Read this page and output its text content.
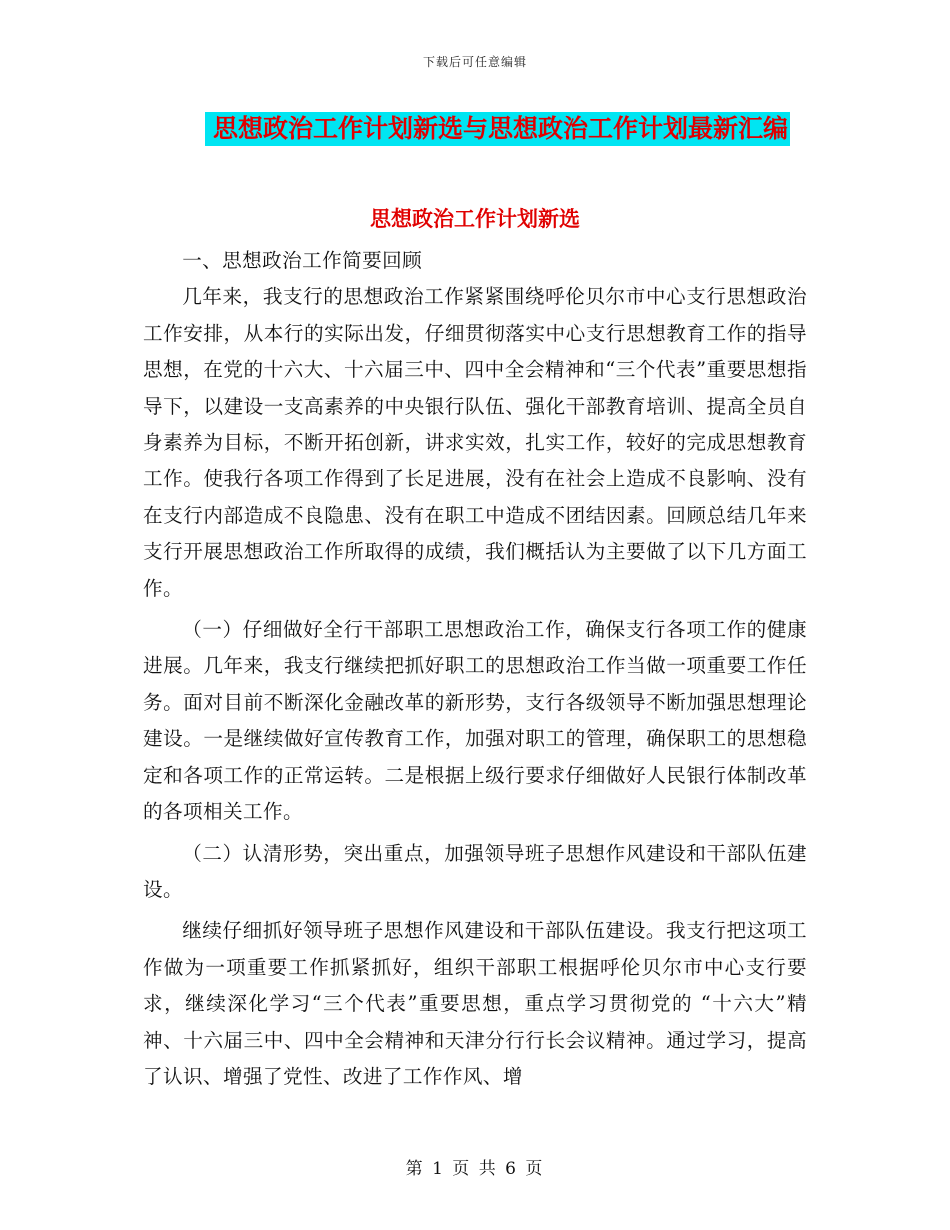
下载后可任意编辑
思想政治工作计划新选与思想政治工作计划最新汇编
思想政治工作计划新选

一、思想政治工作简要回顾

几年来，我支行的思想政治工作紧紧围绕呼伦贝尔市中心支行思想政治工作安排，从本行的实际出发，仔细贯彻落实中心支行思想教育工作的指导思想，在党的十六大、十六届三中、四中全会精神和“三个代表”重要思想指导下，以建设一支高素养的中央银行队伍、强化干部教育培训、提高全员自身素养为目标，不断开拓创新，讲求实效，扎实工作，较好的完成思想教育工作。使我行各项工作得到了长足进展，没有在社会上造成不良影响、没有在支行内部造成不良隐患、没有在职工中造成不团结因素。回顾总结几年来支行开展思想政治工作所取得的成绩，我们概括认为主要做了以下几方面工作。

（一）仔细做好全行干部职工思想政治工作，确保支行各项工作的健康进展。几年来，我支行继续把抓好职工的思想政治工作当做一项重要工作任务。面对目前不断深化金融改革的新形势，支行各级领导不断加强思想理论建设。一是继续做好宣传教育工作，加强对职工的管理，确保职工的思想稳定和各项工作的正常运转。二是根据上级行要求仔细做好人民银行体制改革的各项相关工作。

（二）认清形势，突出重点，加强领导班子思想作风建设和干部队伍建设。

继续仔细抓好领导班子思想作风建设和干部队伍建设。我支行把这项工作做为一项重要工作抓紧抓好，组织干部职工根据呼伦贝尔市中心支行要求，继续深化学习“三个代表”重要思想，重点学习贯彻党的 “十六大”精神、十六届三中、四中全会精神和天津分行行长会议精神。通过学习，提高了认识、增强了党性、改进了工作作风、增

第 1 页 共 6 页
